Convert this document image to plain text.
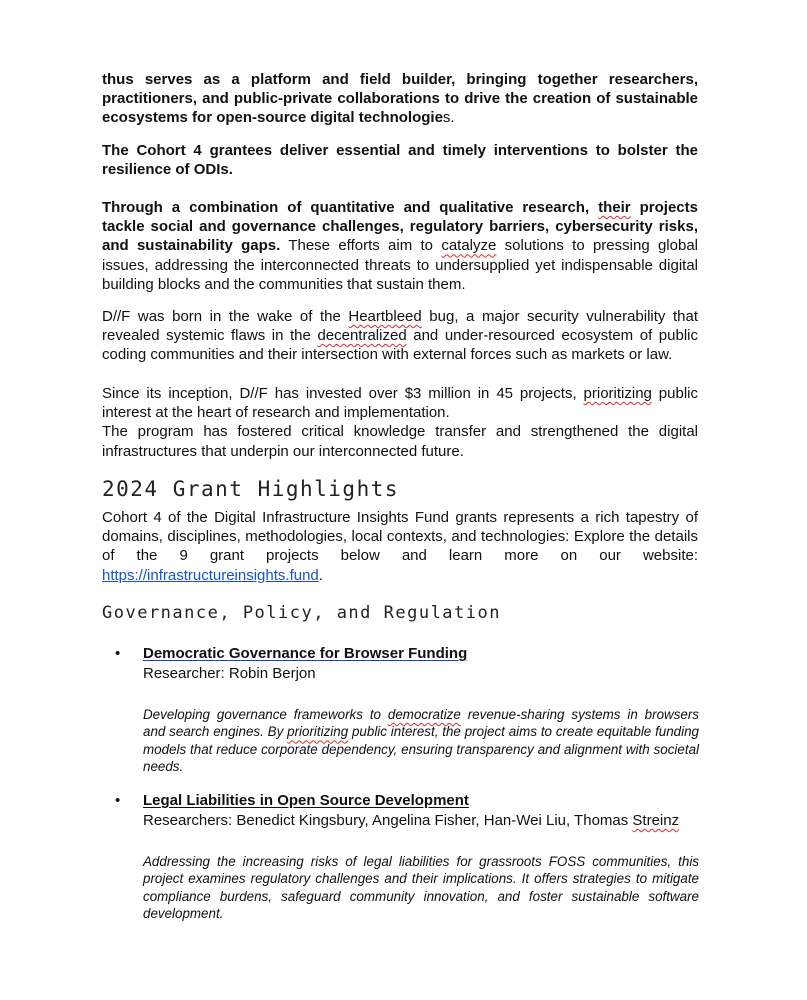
thus serves as a platform and field builder, bringing together researchers, practitioners, and public-private collaborations to drive the creation of sustainable ecosystems for open-source digital technologies.

The Cohort 4 grantees deliver essential and timely interventions to bolster the resilience of ODIs.

Through a combination of quantitative and qualitative research, their projects tackle social and governance challenges, regulatory barriers, cybersecurity risks, and sustainability gaps. These efforts aim to catalyze solutions to pressing global issues, addressing the interconnected threats to undersupplied yet indispensable digital building blocks and the communities that sustain them.

D//F was born in the wake of the Heartbleed bug, a major security vulnerability that revealed systemic flaws in the decentralized and under-resourced ecosystem of public coding communities and their intersection with external forces such as markets or law.

Since its inception, D//F has invested over $3 million in 45 projects, prioritizing public interest at the heart of research and implementation.

The program has fostered critical knowledge transfer and strengthened the digital infrastructures that underpin our interconnected future.

2024 Grant Highlights

Cohort 4 of the Digital Infrastructure Insights Fund grants represents a rich tapestry of domains, disciplines, methodologies, local contexts, and technologies: Explore the details of the 9 grant projects below and learn more on our website: https://infrastructureinsights.fund.

Governance, Policy, and Regulation
• Democratic Governance for Browser Funding
Researcher: Robin Berjon
Developing governance frameworks to democratize revenue-sharing systems in browsers and search engines. By prioritizing public interest, the project aims to create equitable funding models that reduce corporate dependency, ensuring transparency and alignment with societal needs.
• Legal Liabilities in Open Source Development
Researchers: Benedict Kingsbury, Angelina Fisher, Han-Wei Liu, Thomas Streinz
Addressing the increasing risks of legal liabilities for grassroots FOSS communities, this project examines regulatory challenges and their implications. It offers strategies to mitigate compliance burdens, safeguard community innovation, and foster sustainable software development.
